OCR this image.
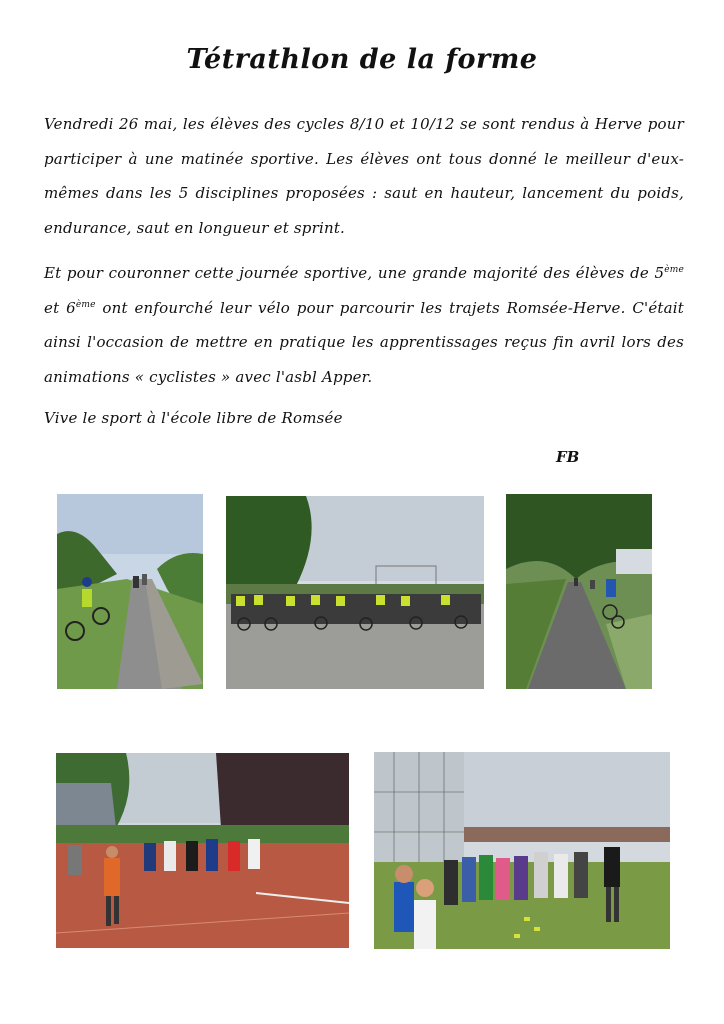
Tétrathlon de la forme

Vendredi 26 mai, les élèves des cycles 8/10 et 10/12 se sont rendus à Herve pour participer à une matinée sportive. Les élèves ont tous donné le meilleur d'eux-mêmes dans les 5 disciplines proposées : saut en hauteur, lancement du poids, endurance, saut en longueur et sprint.

Et pour couronner cette journée sportive, une grande majorité des élèves de 5ème et 6ème ont enfourché leur vélo pour parcourir les trajets Romsée-Herve. C'était ainsi l'occasion de mettre en pratique les apprentissages reçus fin avril lors des animations « cyclistes » avec l'asbl Apper.

Vive le sport à l'école libre de Romsée

FB
